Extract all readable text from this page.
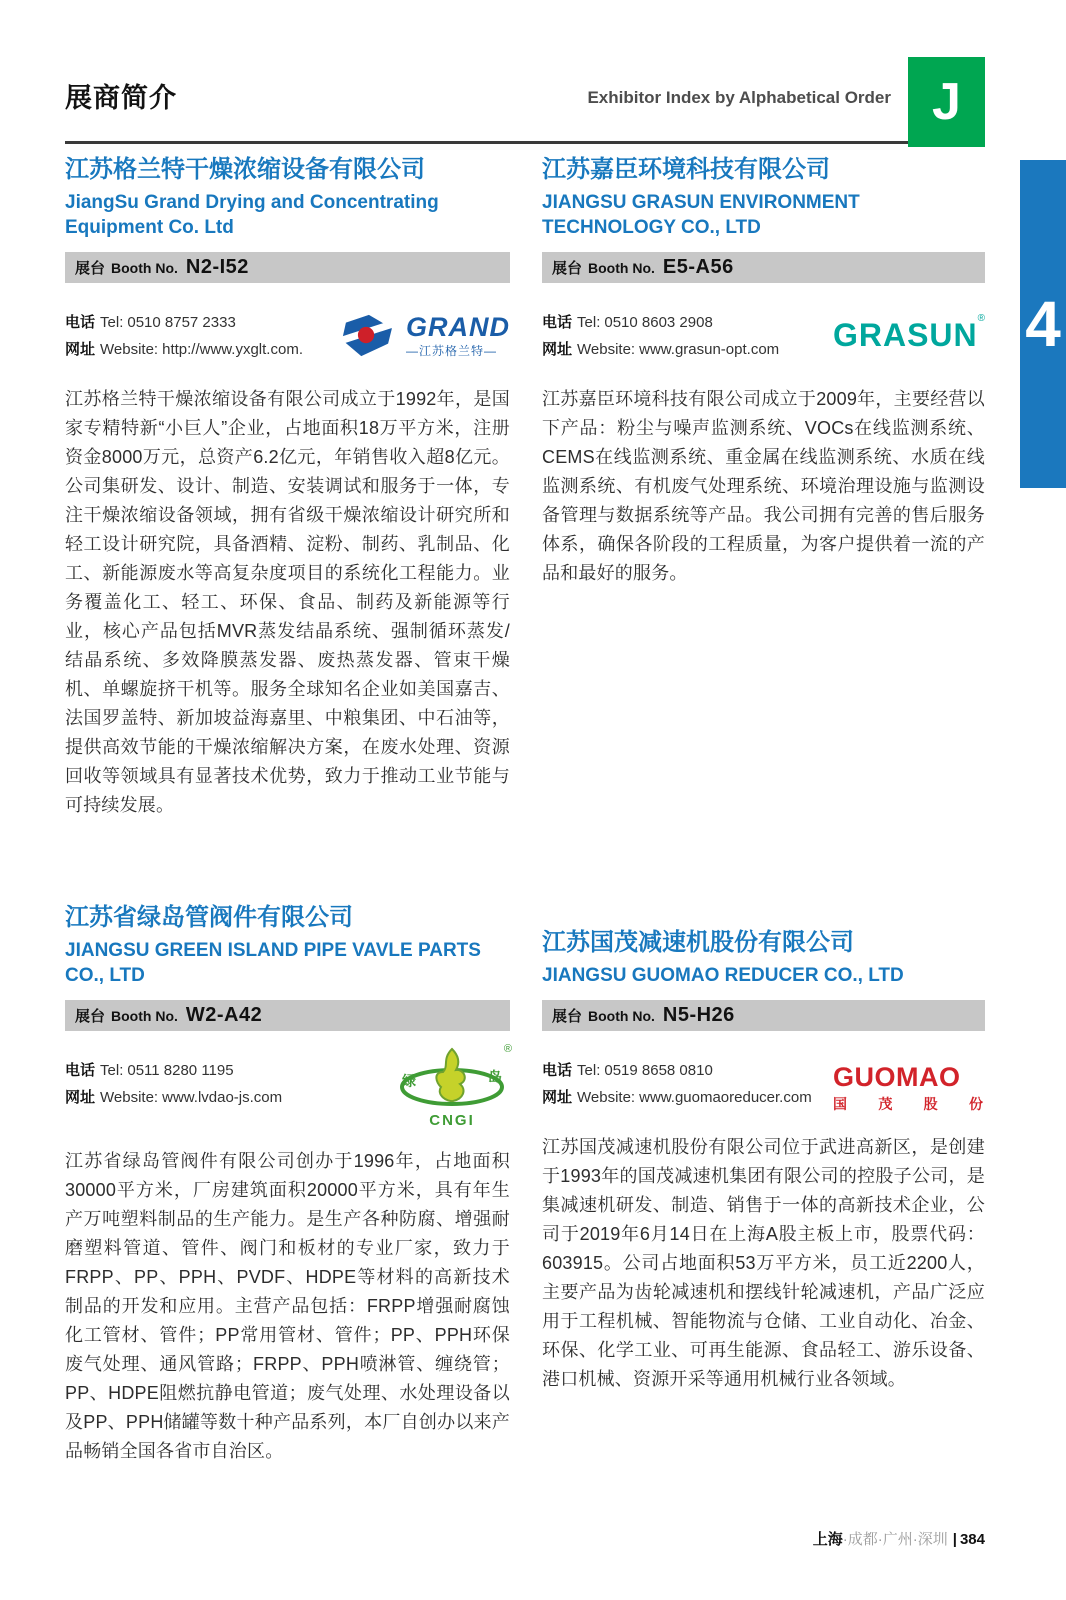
展商简介	Exhibitor Index by Alphabetical Order J
4
江苏格兰特干燥浓缩设备有限公司
JiangSu Grand Drying and Concentrating Equipment Co. Ltd
展台 Booth No. N2-I52
电话 Tel: 0510 8757 2333
网址 Website: http://www.yxglt.com.
GRAND
—江苏格兰特—

江苏格兰特干燥浓缩设备有限公司成立于1992年，是国家专精特新“小巨人”企业，占地面积18万平方米，注册资金8000万元，总资产6.2亿元，年销售收入超8亿元。公司集研发、设计、制造、安装调试和服务于一体，专注干燥浓缩设备领域，拥有省级干燥浓缩设计研究所和轻工设计研究院，具备酒精、淀粉、制药、乳制品、化工、新能源废水等高复杂度项目的系统化工程能力。业务覆盖化工、轻工、环保、食品、制药及新能源等行业，核心产品包括MVR蒸发结晶系统、强制循环蒸发/结晶系统、多效降膜蒸发器、废热蒸发器、管束干燥机、单螺旋挤干机等。服务全球知名企业如美国嘉吉、法国罗盖特、新加坡益海嘉里、中粮集团、中石油等，提供高效节能的干燥浓缩解决方案，在废水处理、资源回收等领域具有显著技术优势，致力于推动工业节能与可持续发展。

江苏嘉臣环境科技有限公司
JIANGSU GRASUN ENVIRONMENT TECHNOLOGY CO., LTD
展台 Booth No. E5-A56
电话 Tel: 0510 8603 2908
网址 Website: www.grasun-opt.com GRASUN®

江苏嘉臣环境科技有限公司成立于2009年，主要经营以下产品：粉尘与噪声监测系统、VOCs在线监测系统、CEMS在线监测系统、重金属在线监测系统、水质在线监测系统、有机废气处理系统、环境治理设施与监测设备管理与数据系统等产品。我公司拥有完善的售后服务体系，确保各阶段的工程质量，为客户提供着一流的产品和最好的服务。

江苏省绿岛管阀件有限公司
JIANGSU GREEN ISLAND PIPE VAVLE PARTS CO., LTD
展台 Booth No. W2-A42
电话 Tel: 0511 8280 1195
网址 Website: www.lvdao-js.com
绿	岛
®
CNGI

江苏省绿岛管阀件有限公司创办于1996年，占地面积30000平方米，厂房建筑面积20000平方米，具有年生产万吨塑料制品的生产能力。是生产各种防腐、增强耐磨塑料管道、管件、阀门和板材的专业厂家，致力于FRPP、PP、PPH、PVDF、HDPE等材料的高新技术制品的开发和应用。主营产品包括：FRPP增强耐腐蚀化工管材、管件；PP常用管材、管件；PP、PPH环保废气处理、通风管路；FRPP、PPH喷淋管、缠绕管；PP、HDPE阻燃抗静电管道；废气处理、水处理设备以及PP、PPH储罐等数十种产品系列，本厂自创办以来产品畅销全国各省市自治区。

江苏国茂减速机股份有限公司
JIANGSU GUOMAO REDUCER CO., LTD
展台 Booth No. N5-H26
电话 Tel: 0519 8658 0810
网址 Website: www.guomaoreducer.com
GUOMAO
国茂股份

江苏国茂减速机股份有限公司位于武进高新区，是创建于1993年的国茂减速机集团有限公司的控股子公司，是集减速机研发、制造、销售于一体的高新技术企业，公司于2019年6月14日在上海A股主板上市，股票代码：603915。公司占地面积53万平方米，员工近2200人，主要产品为齿轮减速机和摆线针轮减速机，产品广泛应用于工程机械、智能物流与仓储、工业自动化、冶金、环保、化学工业、可再生能源、食品轻工、游乐设备、港口机械、资源开采等通用机械行业各领域。

上海·成都·广州·深圳 | 384
